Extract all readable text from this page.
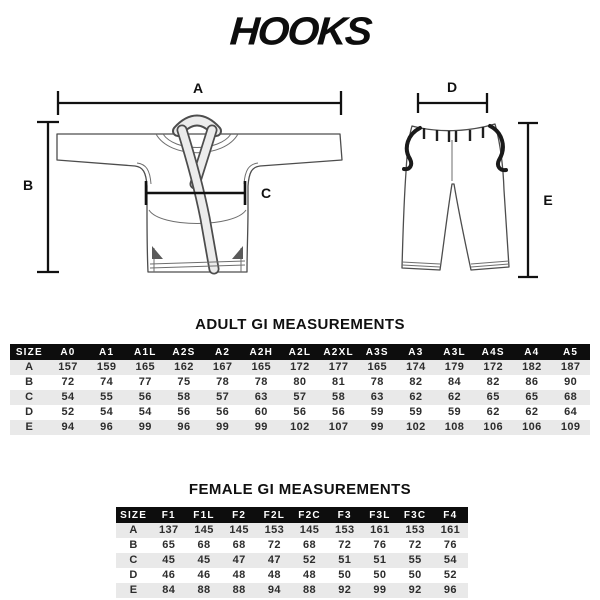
HOOKS
A
B	C
D
E
ADULT GI MEASUREMENTS
SIZE	A0	A1	A1L	A2S	A2	A2H	A2L	A2XL	A3S	A3	A3L	A4S	A4	A5
A	157	159	165	162	167	165	172	177	165	174	179	172	182	187
B	72	74	77	75	78	78	80	81	78	82	84	82	86	90
C	54	55	56	58	57	63	57	58	63	62	62	65	65	68
D	52	54	54	56	56	60	56	56	59	59	59	62	62	64
E	94	96	99	96	99	99	102	107	99	102	108	106	106	109
FEMALE GI MEASUREMENTS
SIZE	F1	F1L	F2	F2L	F2C	F3	F3L	F3C	F4
A	137	145	145	153	145	153	161	153	161
B	65	68	68	72	68	72	76	72	76
C	45	45	47	47	52	51	51	55	54
D	46	46	48	48	48	50	50	50	52
E	84	88	88	94	88	92	99	92	96
